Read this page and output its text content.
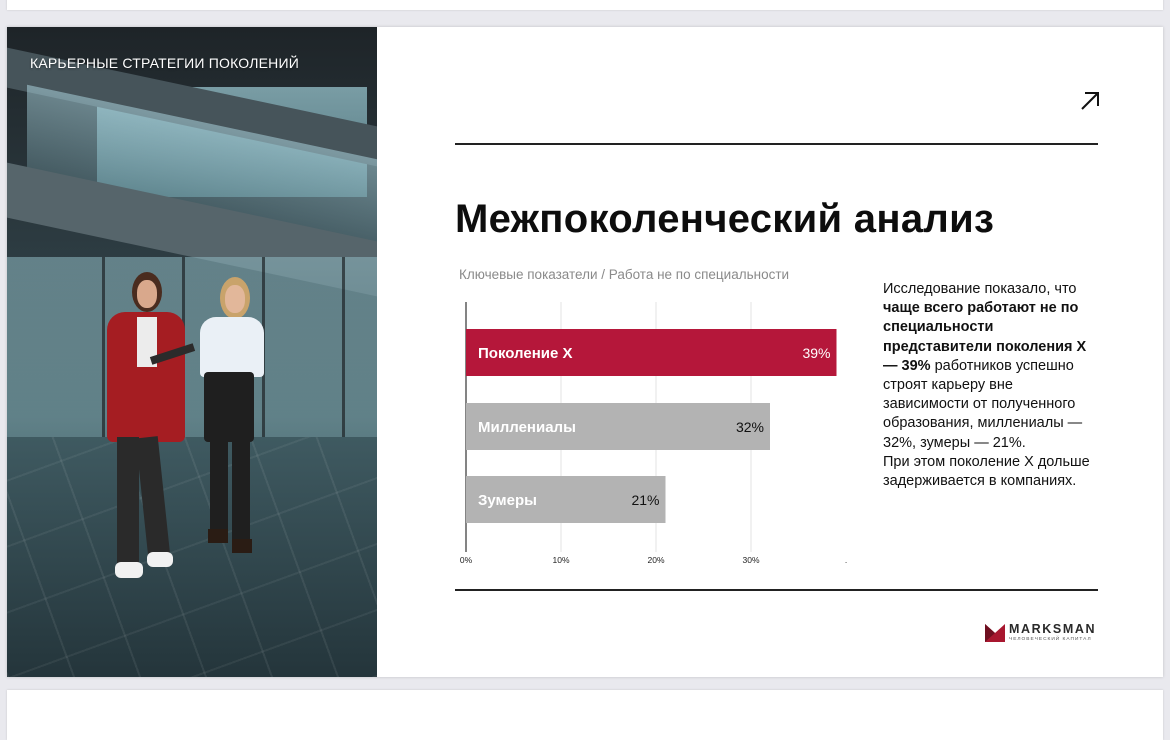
КАРЬЕРНЫЕ СТРАТЕГИИ ПОКОЛЕНИЙ
Межпоколенческий анализ
Ключевые показатели / Работа не по специальности
0%	10%	20%	30%	.
Поколение Х	39%
Миллениалы	32%
Зумеры	21%
Исследование показало, что чаще всего работают не по специальности представители поколения Х — 39% работников успешно строят карьеру вне зависимости от полученного образования, миллениалы — 32%, зумеры — 21%.
При этом поколение Х дольше задерживается в компаниях.
MARKSMAN
ЧЕЛОВЕЧЕСКИЙ КАПИТАЛ
